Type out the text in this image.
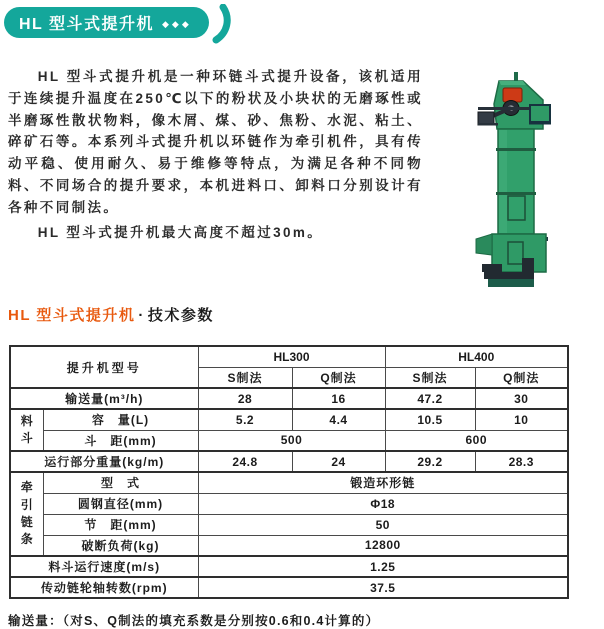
HL 型斗式提升机 ◆◆◆

HL 型斗式提升机是一种环链斗式提升设备，该机适用于连续提升温度在250℃以下的粉状及小块状的无磨琢性或半磨琢性散状物料，像木屑、煤、砂、焦粉、水泥、粘土、碎矿石等。本系列斗式提升机以环链作为牵引机件，具有传动平稳、使用耐久、易于维修等特点，为满足各种不同物料、不同场合的提升要求，本机进料口、卸料口分别设计有各种不同制法。

HL 型斗式提升机最大高度不超过30m。

HL 型斗式提升机 · 技术参数
提升机型号		HL300		HL400	
		S制法	Q制法	S制法	Q制法
输送量(m³/h)		28	16	47.2	30

料斗	容　量(L)	5.2	4.4	10.5	10
	斗　距(mm)	500		600	
运行部分重量(kg/m)		24.8	24	29.2	28.3

牵引链条	型　式	锻造环形链			
	圆钢直径(mm)	Φ18			
	节　距(mm)	50			
	破断负荷(kg)	12800			
料斗运行速度(m/s)		1.25			
传动链轮轴转数(rpm)		37.5			
输送量：（对S、Q制法的填充系数是分别按0.6和0.4计算的）
